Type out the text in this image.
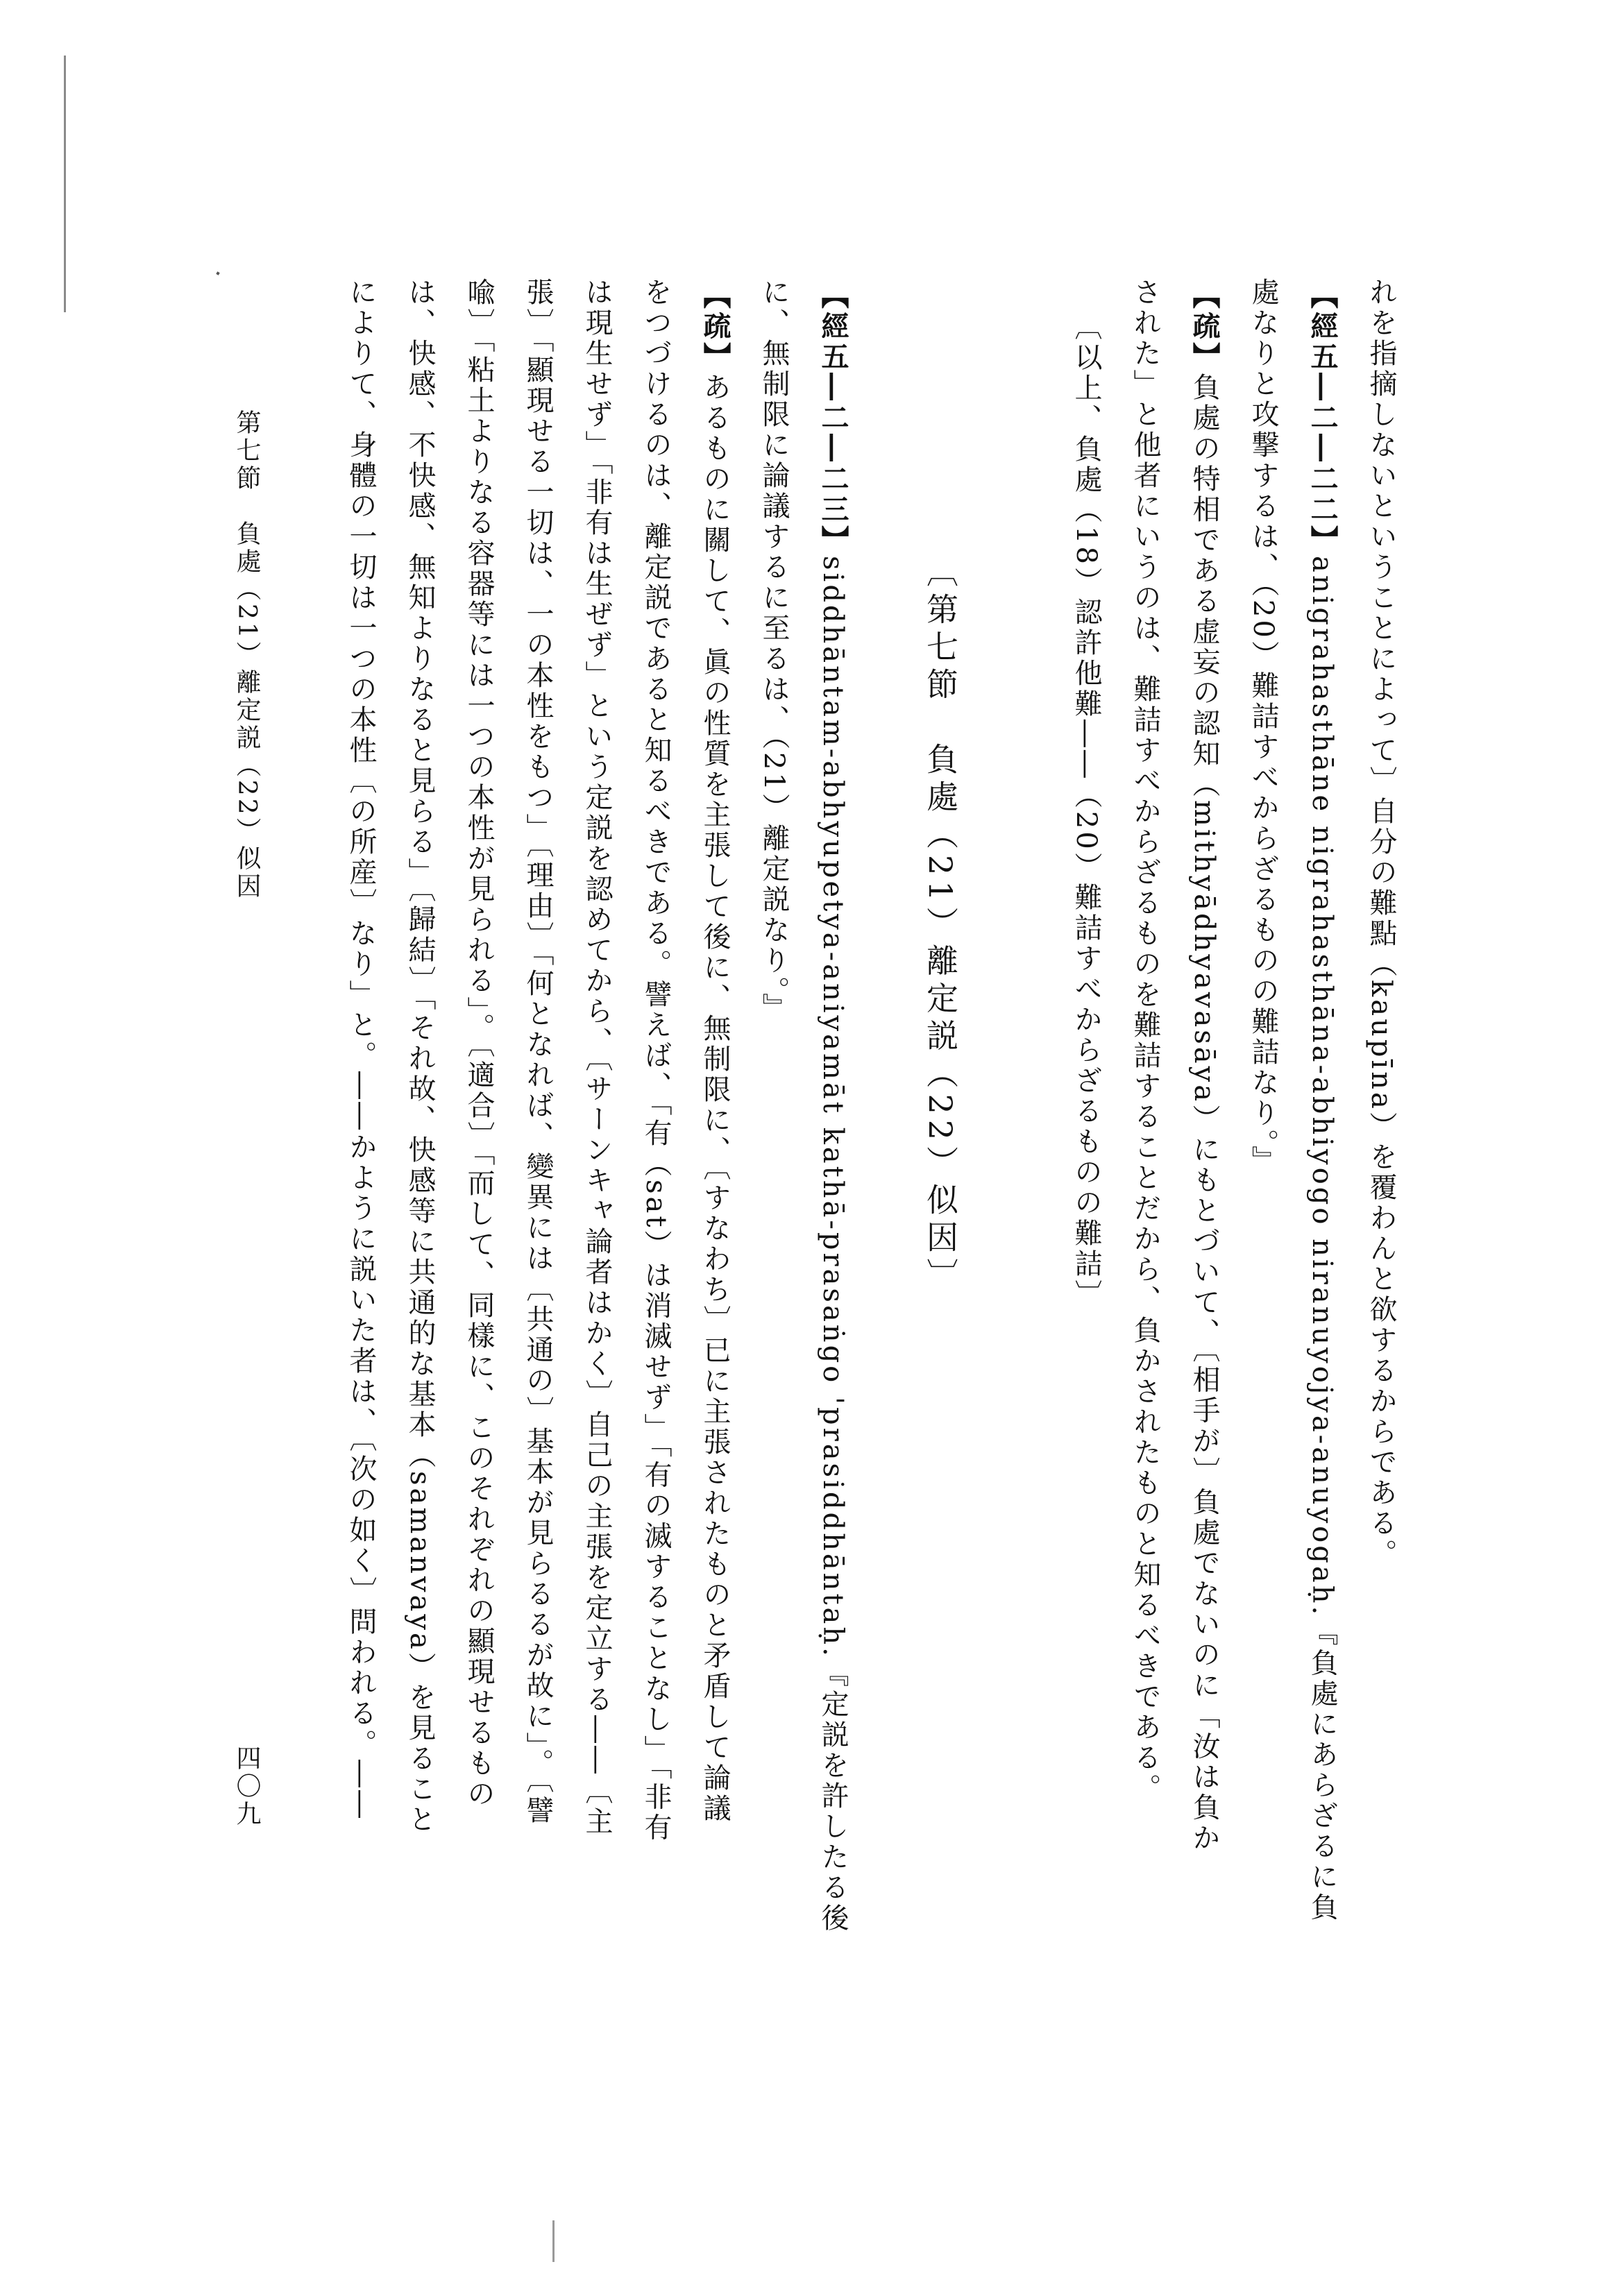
れを指摘しないということによって〕自分の難點（kaupīna）を覆わんと欲するからである。
【經五―二―二二】anigrahasthāne nigrahasthāna-abhiyogo niranuyojya-anuyogaḥ.『負處にあらざるに負
處なりと攻撃するは、（20）難詰すべからざるものの難詰なり。』
【疏】負處の特相である虚妄の認知（mithyādhyavasāya）にもとづいて、〔相手が〕負處でないのに「汝は負か
された」と他者にいうのは、難詰すべからざるものを難詰することだから、負かされたものと知るべきである。
〔以上、負處（18）認許他難――（20）難詰すべからざるものの難詰〕
〔第七節　負處（21）離定説（22）似因〕
【經五―二―二三】siddhāntam-abhyupetya-aniyamāt kathā-prasaṅgo 'prasiddhāntaḥ.『定説を許したる後
に、無制限に論議するに至るは、（21）離定説なり。』
【疏】あるものに關して、眞の性質を主張して後に、無制限に、〔すなわち〕已に主張されたものと矛盾して論議
をつづけるのは、離定説であると知るべきである。譬えば、「有（sat）は消滅せず」「有の滅することなし」「非有
は現生せず」「非有は生ぜず」という定説を認めてから、〔サーンキャ論者はかく〕自己の主張を定立する――〔主
張〕「顯現せる一切は、一の本性をもつ」〔理由〕「何となれば、變異には〔共通の〕基本が見らるるが故に」。〔譬
喩〕「粘土よりなる容器等には一つの本性が見られる」。〔適合〕「而して、同樣に、このそれぞれの顯現せるもの
は、快感、不快感、無知よりなると見らる」〔歸結〕「それ故、快感等に共通的な基本（samanvaya）を見ること
によりて、身體の一切は一つの本性〔の所産〕なり」と。――かように説いた者は、〔次の如く〕問われる。――
第七節　負處（21）離定説（22）似因
四〇九
